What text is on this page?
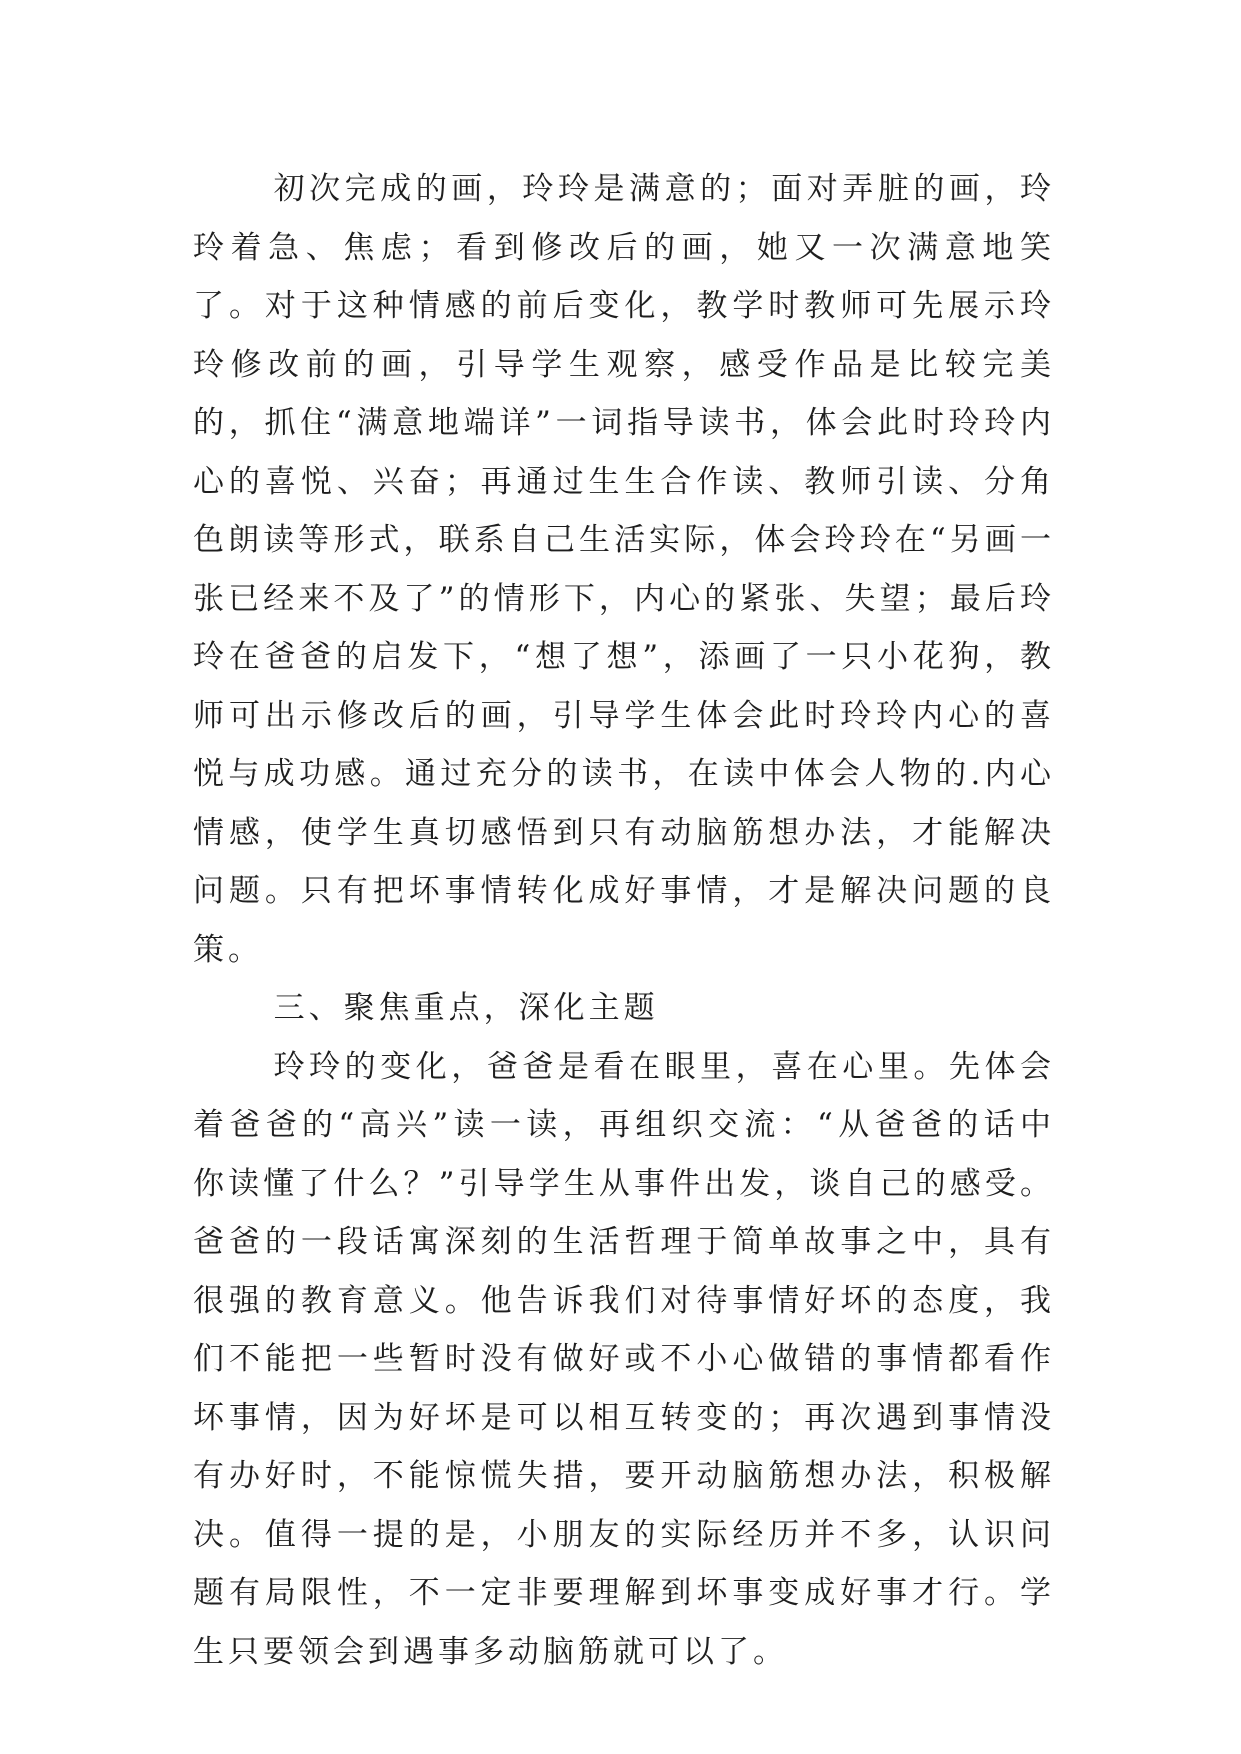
初次完成的画，玲玲是满意的；面对弄脏的画，玲玲着急、焦虑；看到修改后的画，她又一次满意地笑了。对于这种情感的前后变化，教学时教师可先展示玲玲修改前的画，引导学生观察，感受作品是比较完美的，抓住“满意地端详”一词指导读书，体会此时玲玲内心的喜悦、兴奋；再通过生生合作读、教师引读、分角色朗读等形式，联系自己生活实际，体会玲玲在“另画一张已经来不及了”的情形下，内心的紧张、失望；最后玲玲在爸爸的启发下，“想了想”，添画了一只小花狗，教师可出示修改后的画，引导学生体会此时玲玲内心的喜悦与成功感。通过充分的读书，在读中体会人物的.内心情感，使学生真切感悟到只有动脑筋想办法，才能解决问题。只有把坏事情转化成好事情，才是解决问题的良策。

三、聚焦重点，深化主题

玲玲的变化，爸爸是看在眼里，喜在心里。先体会着爸爸的“高兴”读一读，再组织交流：“从爸爸的话中你读懂了什么？”引导学生从事件出发，谈自己的感受。爸爸的一段话寓深刻的生活哲理于简单故事之中，具有很强的教育意义。他告诉我们对待事情好坏的态度，我们不能把一些暂时没有做好或不小心做错的事情都看作坏事情，因为好坏是可以相互转变的；再次遇到事情没有办好时，不能惊慌失措，要开动脑筋想办法，积极解决。值得一提的是，小朋友的实际经历并不多，认识问题有局限性，不一定非要理解到坏事变成好事才行。学生只要领会到遇事多动脑筋就可以了。
